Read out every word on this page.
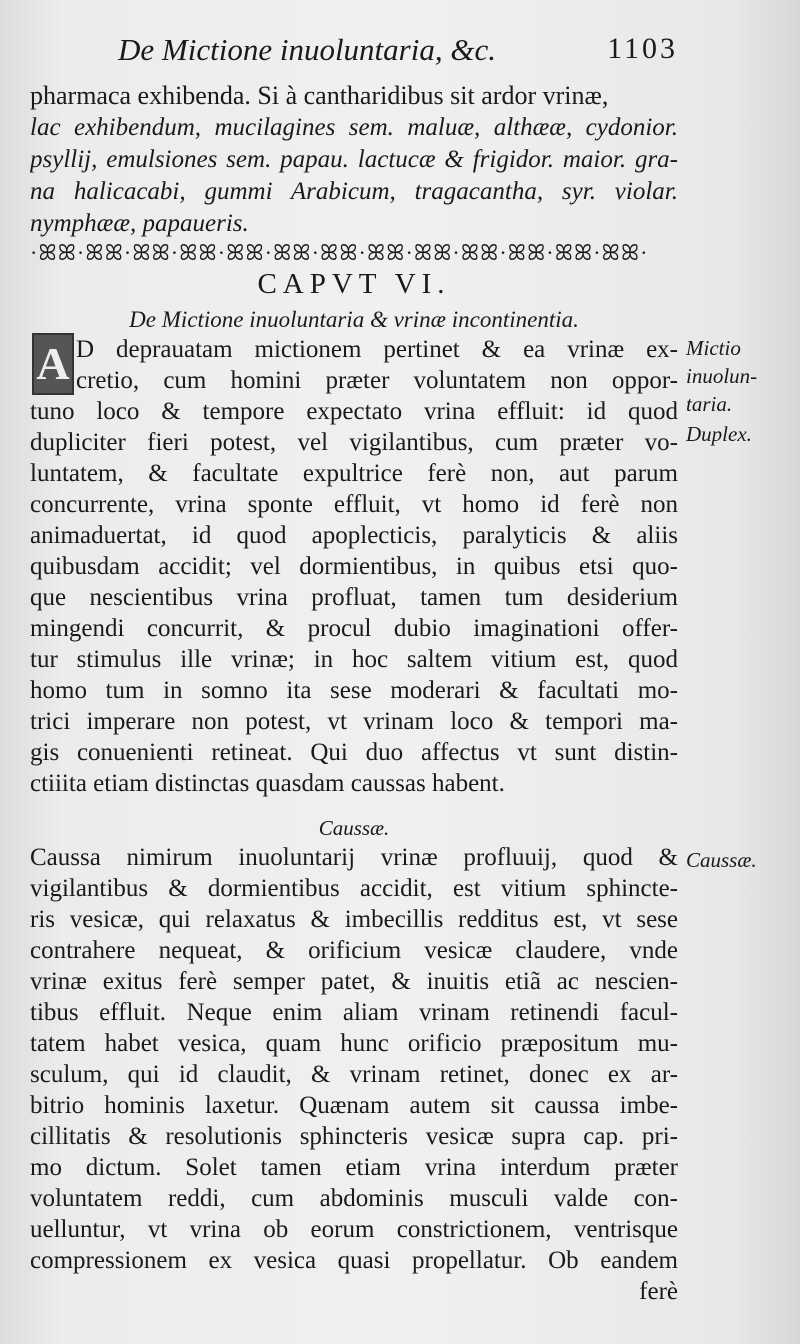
De Mictione inuoluntaria, &c.	1103
pharmaca exhibenda. Si à cantharidibus sit ardor vrinæ,
lac exhibendum, mucilagines sem. maluæ, althææ, cydonior.
psyllij, emulsiones sem. papau. lactucæ & frigidor. maior. gra-
na halicacabi, gummi Arabicum, tragacantha, syr. violar.
nymphææ, papaueris.
·ꕤꕤ·ꕤꕤ·ꕤꕤ·ꕤꕤ·ꕤꕤ·ꕤꕤ·ꕤꕤ·ꕤꕤ·ꕤꕤ·ꕤꕤ·ꕤꕤ·ꕤꕤ·ꕤꕤ·
CAPVT VI.
De Mictione inuoluntaria & vrinæ incontinentia.
A D deprauatam mictionem pertinet & ea vrinæ ex-
cretio, cum homini præter voluntatem non oppor-
tuno loco & tempore expectato vrina effluit: id quod
dupliciter fieri potest, vel vigilantibus, cum præter vo-
luntatem, & facultate expultrice ferè non, aut parum
concurrente, vrina sponte effluit, vt homo id ferè non
animaduertat, id quod apoplecticis, paralyticis & aliis
quibusdam accidit; vel dormientibus, in quibus etsi quo-
que nescientibus vrina profluat, tamen tum desiderium
mingendi concurrit, & procul dubio imaginationi offer-
tur stimulus ille vrinæ; in hoc saltem vitium est, quod
homo tum in somno ita sese moderari & facultati mo-
trici imperare non potest, vt vrinam loco & tempori ma-
gis conuenienti retineat. Qui duo affectus vt sunt distin-
ctiiita etiam distinctas quasdam caussas habent.
Caussæ.
Caussa nimirum inuoluntarij vrinæ profluuij, quod &
vigilantibus & dormientibus accidit, est vitium sphincte-
ris vesicæ, qui relaxatus & imbecillis redditus est, vt sese
contrahere nequeat, & orificium vesicæ claudere, vnde
vrinæ exitus ferè semper patet, & inuitis etiã ac nescien-
tibus effluit. Neque enim aliam vrinam retinendi facul-
tatem habet vesica, quam hunc orificio præpositum mu-
sculum, qui id claudit, & vrinam retinet, donec ex ar-
bitrio hominis laxetur. Quænam autem sit caussa imbe-
cillitatis & resolutionis sphincteris vesicæ supra cap. pri-
mo dictum. Solet tamen etiam vrina interdum præter
voluntatem reddi, cum abdominis musculi valde con-
uelluntur, vt vrina ob eorum constrictionem, ventrisque
compressionem ex vesica quasi propellatur. Ob eandem
ferè
Mictio
inuolun-
taria.
Duplex.
Caussæ.
